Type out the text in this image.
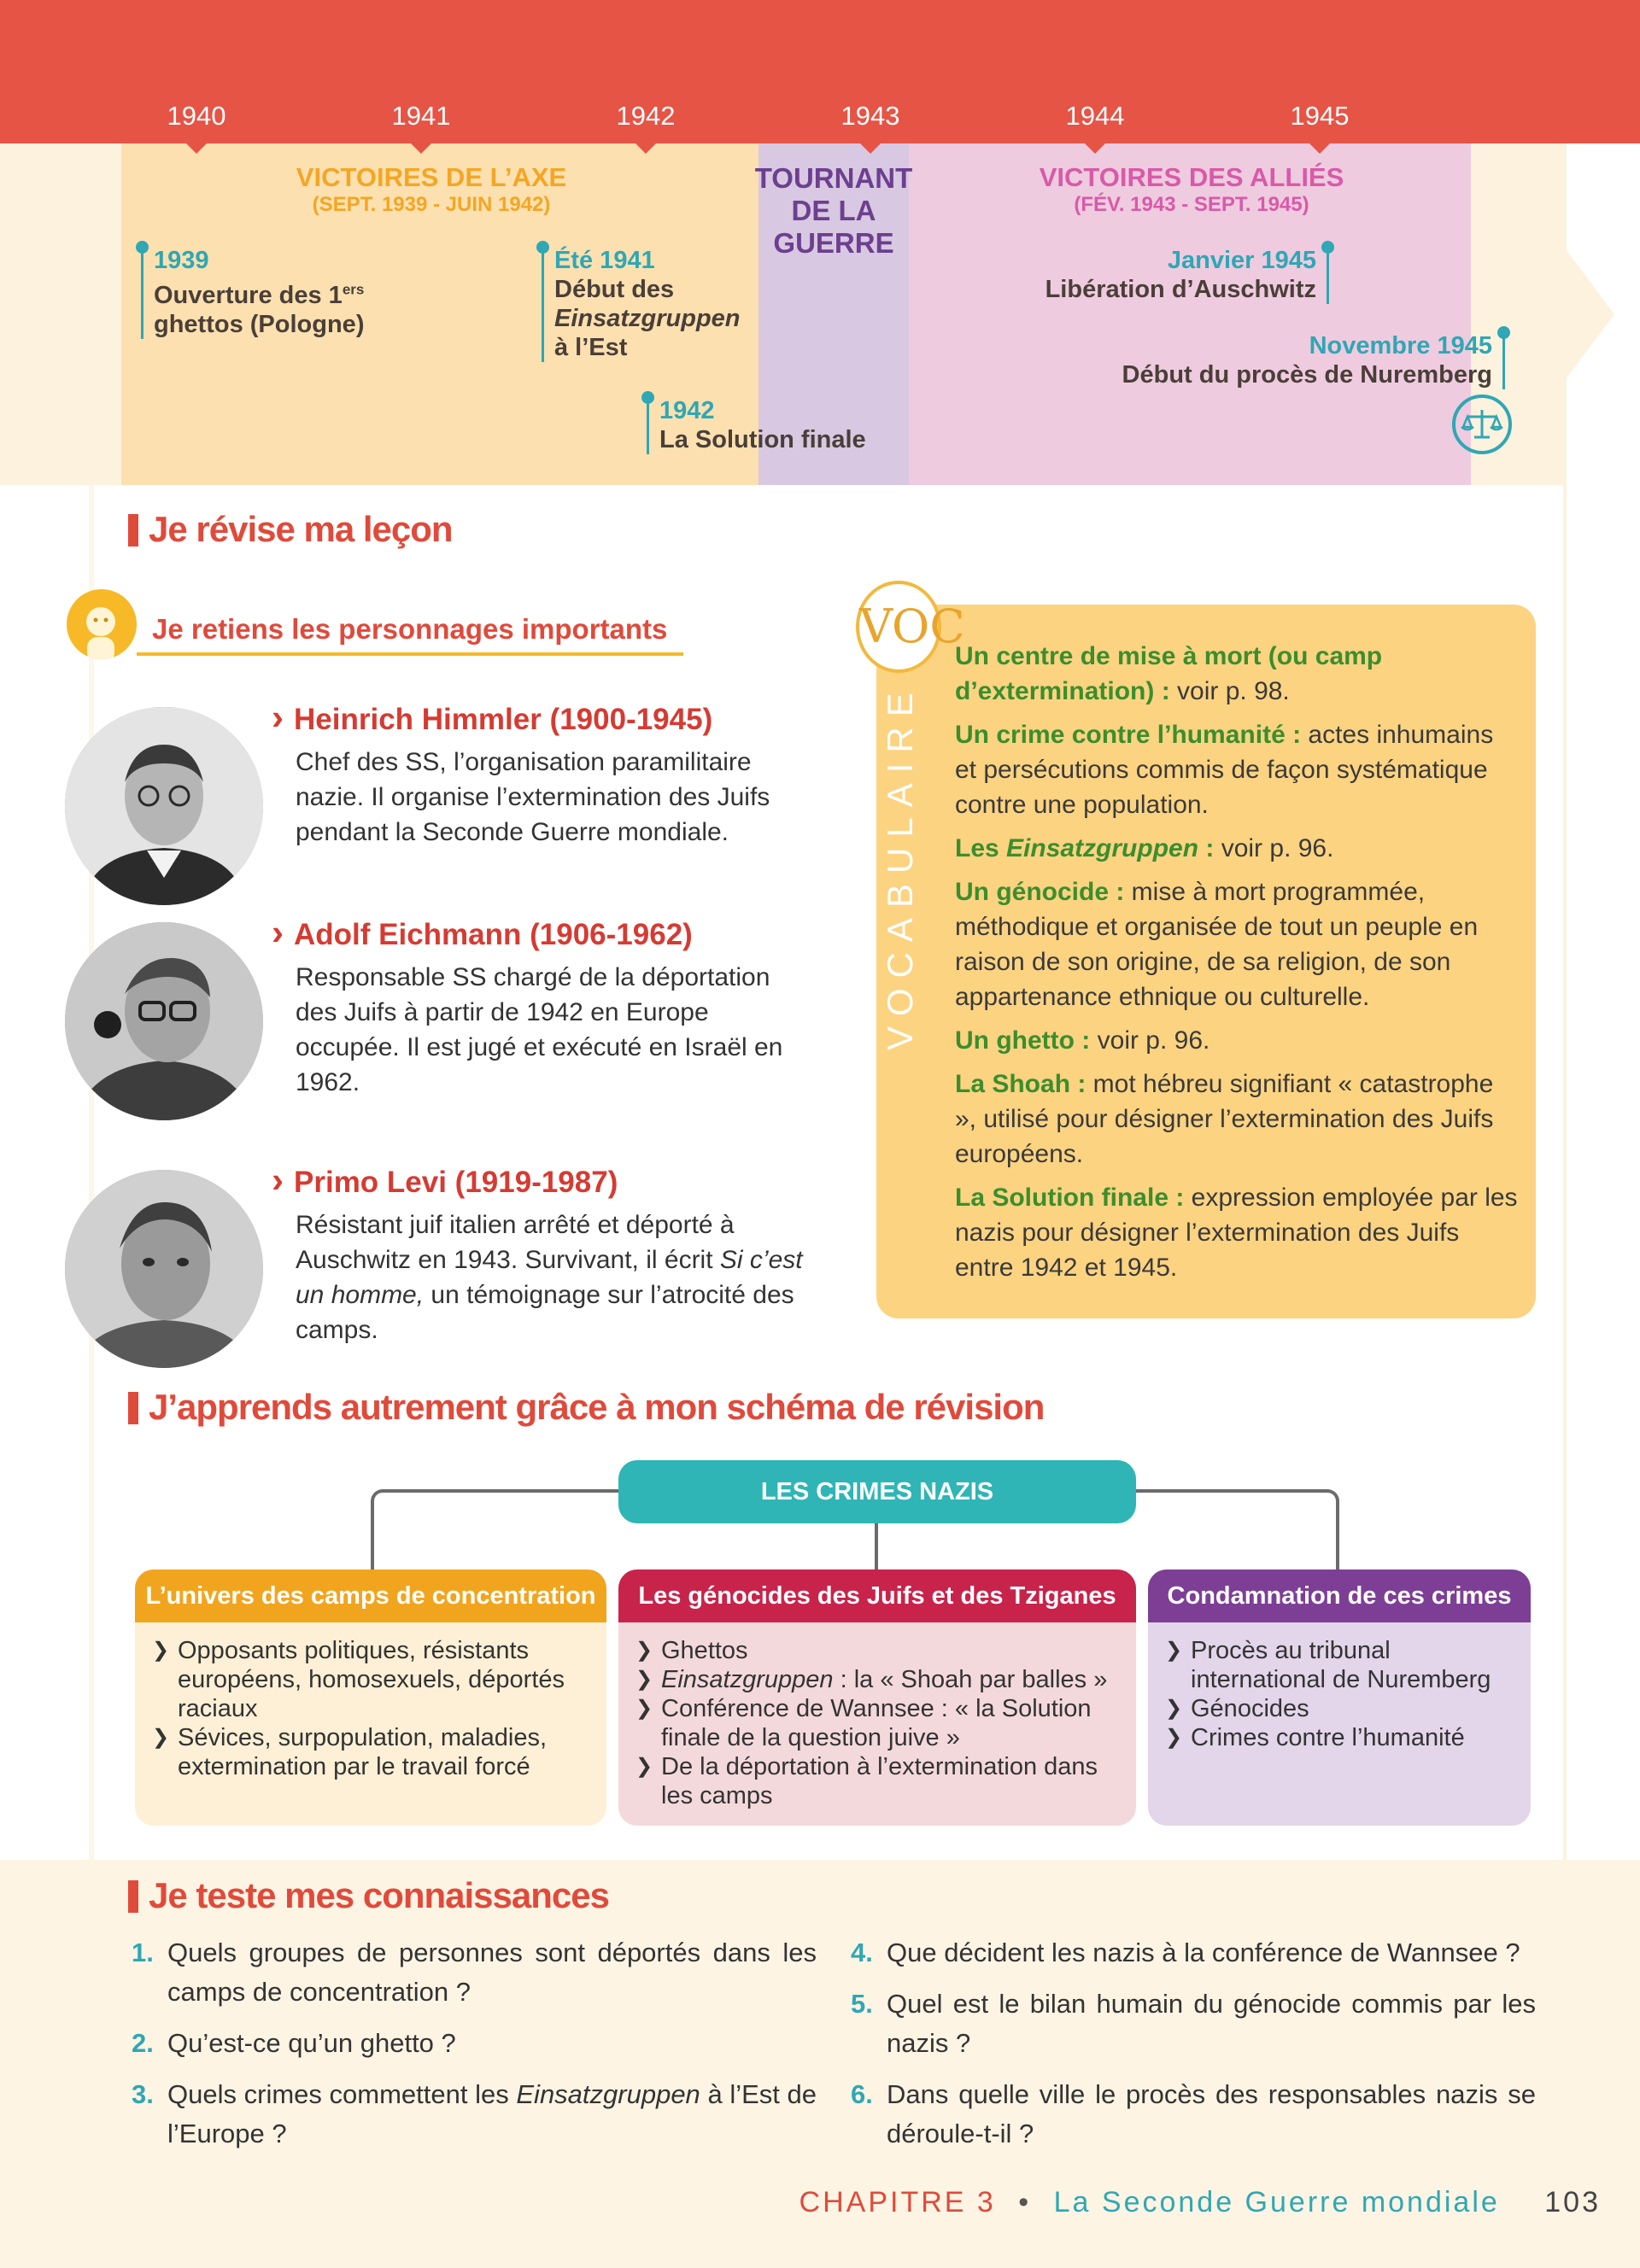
1940	1941	1942	1943	1944	1945
VICTOIRES DE L’AXE
(SEPT. 1939 - JUIN 1942)
TOURNANT
DE LA GUERRE
VICTOIRES DES ALLIÉS
(FÉV. 1943 - SEPT. 1945)
1939
Ouverture des 1ers
ghettos (Pologne)
Été 1941
Début des
Einsatzgruppen
à l’Est
1942
La Solution finale
Janvier 1945
Libération d’Auschwitz
Novembre 1945
Début du procès de Nuremberg
Je révise ma leçon
Je retiens les personnages importants
› Heinrich Himmler (1900-1945)
Chef des SS, l’organisation paramilitaire nazie. Il organise l’extermination des Juifs pendant la Seconde Guerre mondiale.
› Adolf Eichmann (1906-1962)
Responsable SS chargé de la déportation des Juifs à partir de 1942 en Europe occupée. Il est jugé et exécuté en Israël en 1962.
› Primo Levi (1919-1987)
Résistant juif italien arrêté et déporté à Auschwitz en 1943. Survivant, il écrit Si c’est un homme, un témoignage sur l’atrocité des camps.
VOC
VOCABULAIRE

Un centre de mise à mort (ou camp d’extermination) : voir p. 98.

Un crime contre l’humanité : actes inhumains et persécutions commis de façon systématique contre une population.

Les Einsatzgruppen : voir p. 96.

Un génocide : mise à mort programmée, méthodique et organisée de tout un peuple en raison de son origine, de sa religion, de son appartenance ethnique ou culturelle.

Un ghetto : voir p. 96.

La Shoah : mot hébreu signifiant « catastrophe », utilisé pour désigner l’extermination des Juifs européens.

La Solution finale : expression employée par les nazis pour désigner l’extermination des Juifs entre 1942 et 1945.

J’apprends autrement grâce à mon schéma de révision
LES CRIMES NAZIS
L’univers des camps de concentration
❯ Opposants politiques, résistants européens, homosexuels, déportés raciaux
❯ Sévices, surpopulation, maladies, extermination par le travail forcé
Les génocides des Juifs et des Tziganes
❯ Ghettos
❯ Einsatzgruppen : la « Shoah par balles »
❯ Conférence de Wannsee : « la Solution finale de la question juive »
❯ De la déportation à l’extermination dans les camps
Condamnation de ces crimes
❯ Procès au tribunal international de Nuremberg
❯ Génocides
❯ Crimes contre l’humanité
Je teste mes connaissances
1. Quels groupes de personnes sont déportés dans les camps de concentration ?
2. Qu’est-ce qu’un ghetto ?
3. Quels crimes commettent les Einsatzgruppen à l’Est de l’Europe ?
4. Que décident les nazis à la conférence de Wannsee ?
5. Quel est le bilan humain du génocide commis par les nazis ?
6. Dans quelle ville le procès des responsables nazis se déroule-t-il ?
CHAPITRE 3 • La Seconde Guerre mondiale 103
